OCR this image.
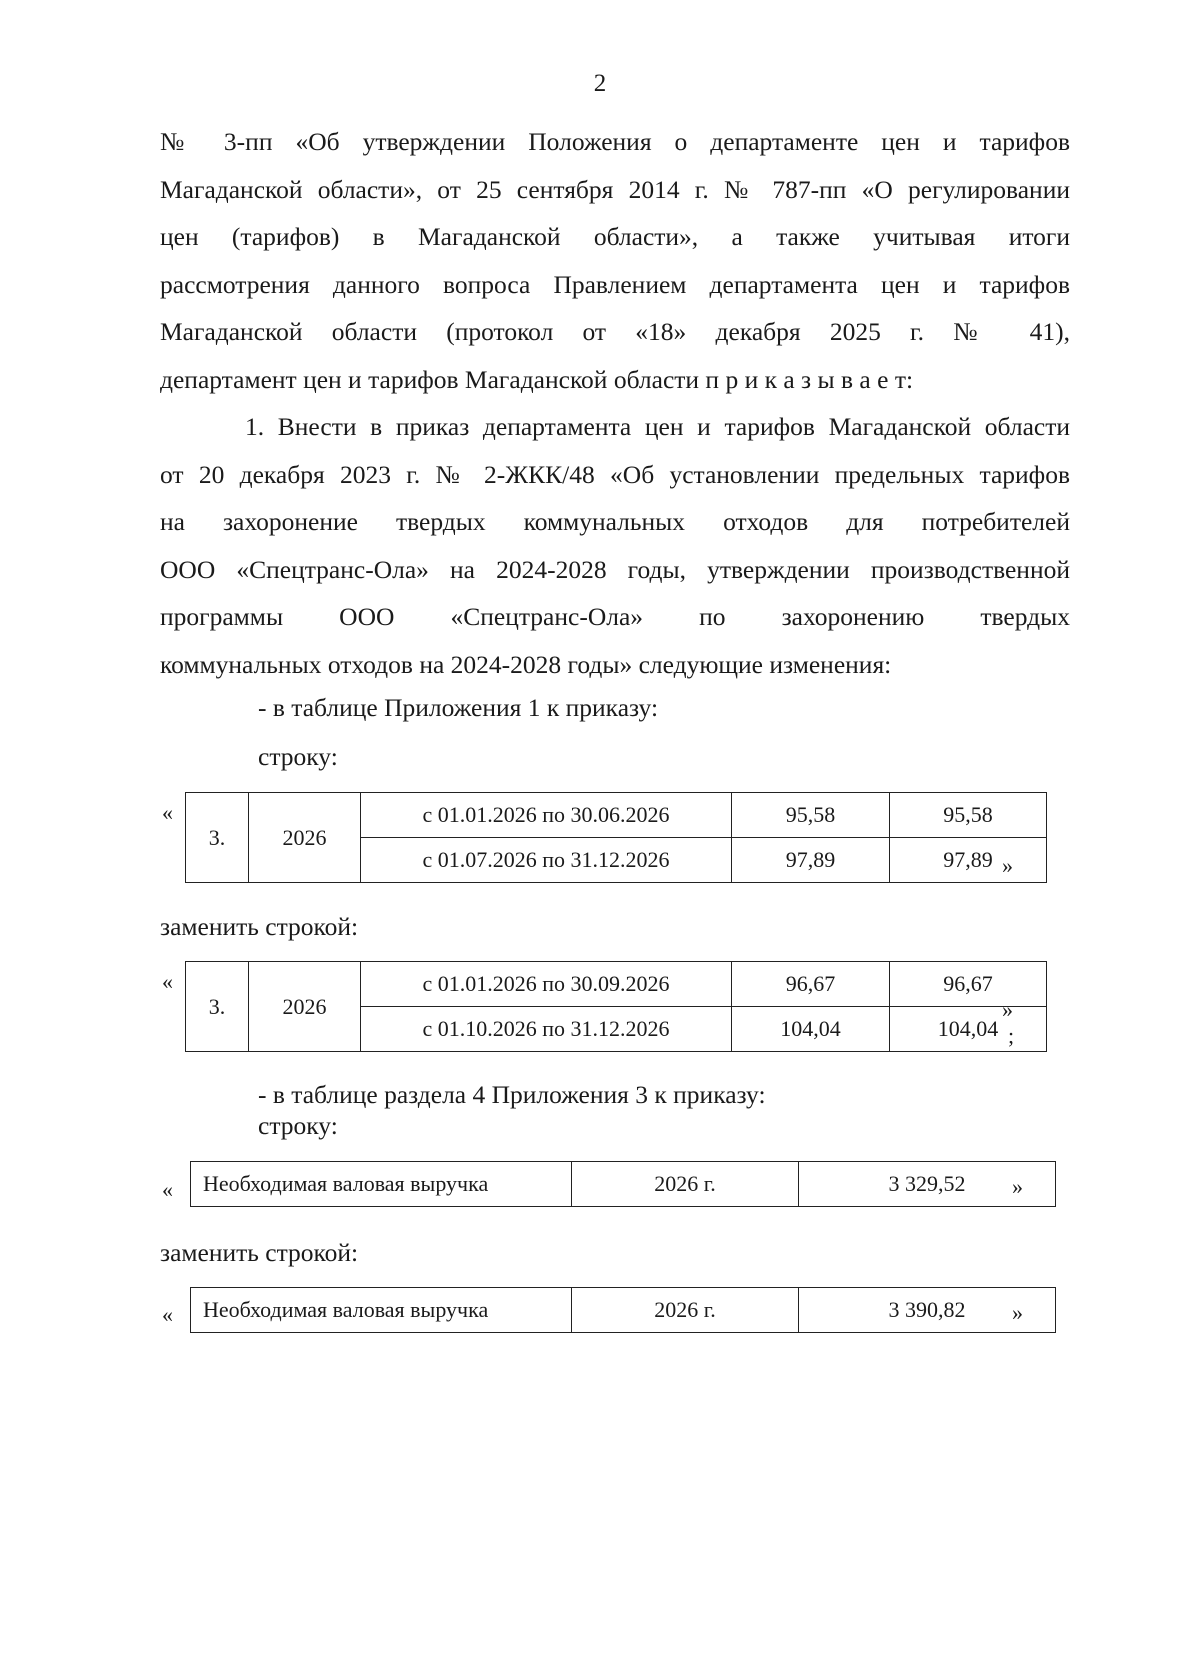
2
№ 3-пп «Об утверждении Положения о департаменте цен и тарифов
Магаданской области», от 25 сентября 2014 г. № 787-пп «О регулировании
цен (тарифов) в Магаданской области», а также учитывая итоги
рассмотрения данного вопроса Правлением департамента цен и тарифов
Магаданской области (протокол от «18» декабря 2025 г. № 41),
департамент цен и тарифов Магаданской области п р и к а з ы в а е т:
1. Внести в приказ департамента цен и тарифов Магаданской области
от 20 декабря 2023 г. № 2-ЖКК/48 «Об установлении предельных тарифов
на захоронение твердых коммунальных отходов для потребителей
ООО «Спецтранс-Ола» на 2024-2028 годы, утверждении производственной
программы ООО «Спецтранс-Ола» по захоронению твердых
коммунальных отходов на 2024-2028 годы» следующие изменения:
- в таблице Приложения 1 к приказу:
строку:
«
3.	2026	с 01.01.2026 по 30.06.2026	95,58	95,58
		с 01.07.2026 по 31.12.2026	97,89	97,89 »
заменить строкой:
«
3.	2026	с 01.01.2026 по 30.09.2026	96,67	96,67
		с 01.10.2026 по 31.12.2026	104,04	104,04
»
;
- в таблице раздела 4 Приложения 3 к приказу:
строку:
« Необходимая валовая выручка	2026 г.	3 329,52 »
заменить строкой:
« Необходимая валовая выручка	2026 г.	3 390,82 »
